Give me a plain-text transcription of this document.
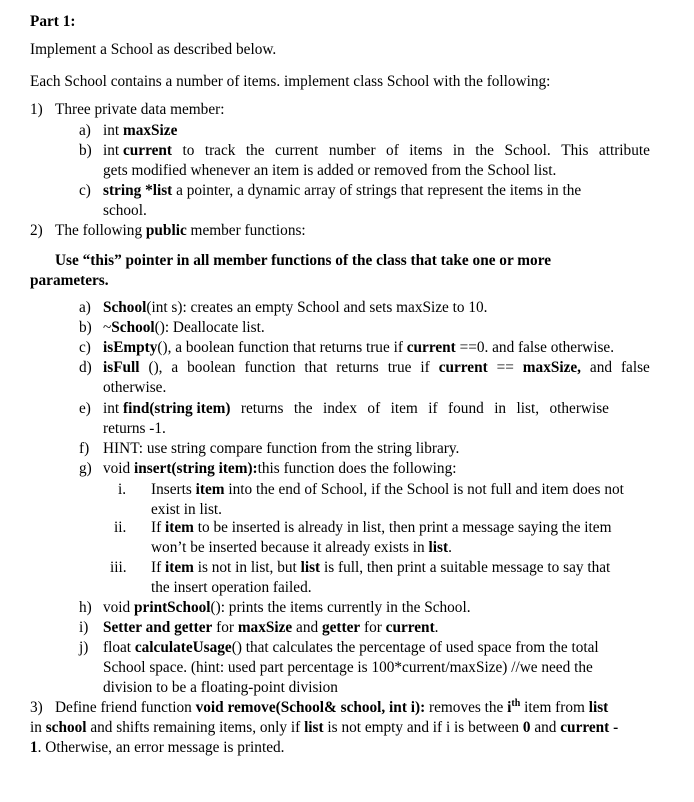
Part 1:
Implement a School as described below.
Each School contains a number of items. implement class School with the following:
1) Three private data member:
a) int maxSize
b) int current to track the current number of items in the School. This attribute
gets modified whenever an item is added or removed from the School list.
c) string *list a pointer, a dynamic array of strings that represent the items in the
school.
2) The following public member functions:
Use “this” pointer in all member functions of the class that take one or more
parameters.
a) School(int s): creates an empty School and sets maxSize to 10.
b) ~School(): Deallocate list.
c) isEmpty(), a boolean function that returns true if current ==0. and false otherwise.
d) isFull (), a boolean function that returns true if current == maxSize, and false
otherwise.
e) int find(string item) returns the index of item if found in list, otherwise
returns -1.
f) HINT: use string compare function from the string library.
g) void insert(string item):this function does the following:
i. Inserts item into the end of School, if the School is not full and item does not
exist in list.
ii. If item to be inserted is already in list, then print a message saying the item
won’t be inserted because it already exists in list.
iii. If item is not in list, but list is full, then print a suitable message to say that
the insert operation failed.
h) void printSchool(): prints the items currently in the School.
i) Setter and getter for maxSize and getter for current.
j) float calculateUsage() that calculates the percentage of used space from the total
School space. (hint: used part percentage is 100*current/maxSize) //we need the
division to be a floating-point division
3) Define friend function void remove(School& school, int i): removes the $i^{th}$ item from list
in school and shifts remaining items, only if list is not empty and if i is between 0 and current -
1. Otherwise, an error message is printed.
